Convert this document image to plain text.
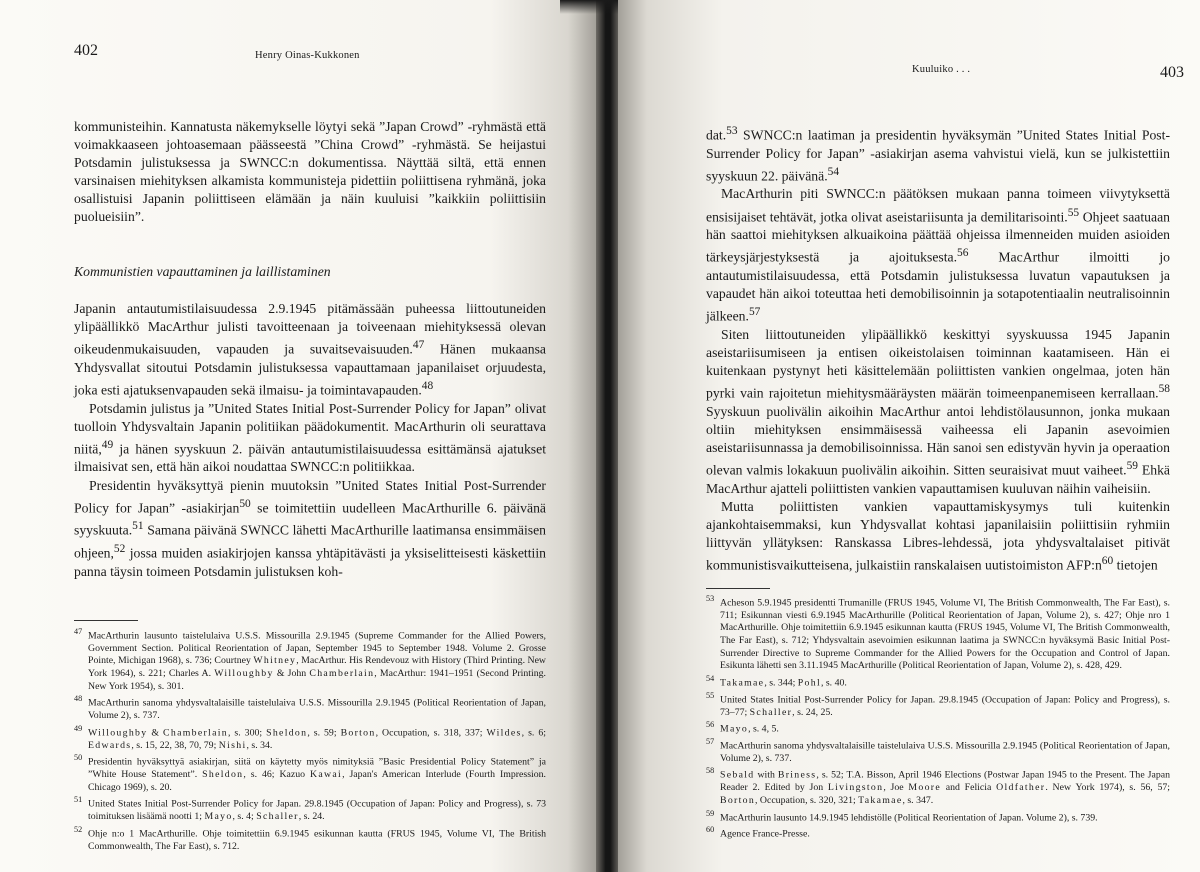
402	Henry Oinas-Kukkonen

kommunisteihin. Kannatusta näkemykselle löytyi sekä ”Japan Crowd” -ryhmästä että voimakkaaseen johtoasemaan päässeestä ”China Crowd” -ryhmästä. Se heijastui Potsdamin julistuksessa ja SWNCC:n dokumentissa. Näyttää siltä, että ennen varsinaisen miehityksen alkamista kommunisteja pidettiin poliittisena ryhmänä, joka osallistuisi Japanin poliittiseen elämään ja näin kuuluisi ”kaikkiin poliittisiin puolueisiin”.

Kommunistien vapauttaminen ja laillistaminen

Japanin antautumistilaisuudessa 2.9.1945 pitämässään puheessa liittoutuneiden ylipäällikkö MacArthur julisti tavoitteenaan ja toiveenaan miehityksessä olevan oikeudenmukaisuuden, vapauden ja suvaitsevaisuuden.$^{47}$ Hänen mukaansa Yhdysvallat sitoutui Potsdamin julistuksessa vapauttamaan japanilaiset orjuudesta, joka esti ajatuksenvapauden sekä ilmaisu- ja toimintavapauden.$^{48}$

Potsdamin julistus ja ”United States Initial Post-Surrender Policy for Japan” olivat tuolloin Yhdysvaltain Japanin politiikan päädokumentit. MacArthurin oli seurattava niitä,$^{49}$ ja hänen syyskuun 2. päivän antautumistilaisuudessa esittämänsä ajatukset ilmaisivat sen, että hän aikoi noudattaa SWNCC:n politiikkaa.

Presidentin hyväksyttyä pienin muutoksin ”United States Initial Post-Surrender Policy for Japan” -asiakirjan$^{50}$ se toimitettiin uudelleen MacArthurille 6. päivänä syyskuuta.$^{51}$ Samana päivänä SWNCC lähetti MacArthurille laatimansa ensimmäisen ohjeen,$^{52}$ jossa muiden asiakirjojen kanssa yhtäpitävästi ja yksiselitteisesti käskettiin panna täysin toimeen Potsdamin julistuksen koh-

$^{47}$ MacArthurin lausunto taistelulaiva U.S.S. Missourilla 2.9.1945 (Supreme Commander for the Allied Powers, Government Section. Political Reorientation of Japan, September 1945 to September 1948. Volume 2. Grosse Pointe, Michigan 1968), s. 736; Courtney Whitney, MacArthur. His Rendevouz with History (Third Printing. New York 1964), s. 221; Charles A. Willoughby & John Chamberlain, MacArthur: 1941–1951 (Second Printing. New York 1954), s. 301.

$^{48}$ MacArthurin sanoma yhdysvaltalaisille taistelulaiva U.S.S. Missourilla 2.9.1945 (Political Reorientation of Japan, Volume 2), s. 737.

$^{49}$ Willoughby & Chamberlain, s. 300; Sheldon, s. 59; Borton, Occupation, s. 318, 337; Wildes, s. 6; Edwards, s. 15, 22, 38, 70, 79; Nishi, s. 34.

$^{50}$ Presidentin hyväksyttyä asiakirjan, siitä on käytetty myös nimityksiä ”Basic Presidential Policy Statement” ja ”White House Statement”. Sheldon, s. 46; Kazuo Kawai, Japan's American Interlude (Fourth Impression. Chicago 1969), s. 20.

$^{51}$ United States Initial Post-Surrender Policy for Japan. 29.8.1945 (Occupation of Japan: Policy and Progress), s. 73 toimituksen lisäämä nootti 1; Mayo, s. 4; Schaller, s. 24.

$^{52}$ Ohje n:o 1 MacArthurille. Ohje toimitettiin 6.9.1945 esikunnan kautta (FRUS 1945, Volume VI, The British Commonwealth, The Far East), s. 712.

Kuuluiko . . .	403

dat.$^{53}$ SWNCC:n laatiman ja presidentin hyväksymän ”United States Initial Post-Surrender Policy for Japan” -asiakirjan asema vahvistui vielä, kun se julkistettiin syyskuun 22. päivänä.$^{54}$

MacArthurin piti SWNCC:n päätöksen mukaan panna toimeen viivytyksettä ensisijaiset tehtävät, jotka olivat aseistariisunta ja demilitarisointi.$^{55}$ Ohjeet saatuaan hän saattoi miehityksen alkuaikoina päättää ohjeissa ilmenneiden muiden asioiden tärkeysjärjestyksestä ja ajoituksesta.$^{56}$ MacArthur ilmoitti jo antautumistilaisuudessa, että Potsdamin julistuksessa luvatun vapautuksen ja vapaudet hän aikoi toteuttaa heti demobilisoinnin ja sotapotentiaalin neutralisoinnin jälkeen.$^{57}$

Siten liittoutuneiden ylipäällikkö keskittyi syyskuussa 1945 Japanin aseistariisumiseen ja entisen oikeistolaisen toiminnan kaatamiseen. Hän ei kuitenkaan pystynyt heti käsittelemään poliittisten vankien ongelmaa, joten hän pyrki vain rajoitetun miehitysmääräysten määrän toimeenpanemiseen kerrallaan.$^{58}$ Syyskuun puolivälin aikoihin MacArthur antoi lehdistölausunnon, jonka mukaan oltiin miehityksen ensimmäisessä vaiheessa eli Japanin asevoimien aseistariisunnassa ja demobilisoinnissa. Hän sanoi sen edistyvän hyvin ja operaation olevan valmis lokakuun puolivälin aikoihin. Sitten seuraisivat muut vaiheet.$^{59}$ Ehkä MacArthur ajatteli poliittisten vankien vapauttamisen kuuluvan näihin vaiheisiin.

Mutta poliittisten vankien vapauttamiskysymys tuli kuitenkin ajankohtaisemmaksi, kun Yhdysvallat kohtasi japanilaisiin poliittisiin ryhmiin liittyvän yllätyksen: Ranskassa Libres-lehdessä, jota yhdysvaltalaiset pitivät kommunistisvaikutteisena, julkaistiin ranskalaisen uutistoimiston $AFP:n^{60}$ tietojen

$^{53}$ Acheson 5.9.1945 presidentti Trumanille (FRUS 1945, Volume VI, The British Commonwealth, The Far East), s. 711; Esikunnan viesti 6.9.1945 MacArthurille (Political Reorientation of Japan, Volume 2), s. 427; Ohje nro 1 MacArthurille. Ohje toimitettiin 6.9.1945 esikunnan kautta (FRUS 1945, Volume VI, The British Commonwealth, The Far East), s. 712; Yhdysvaltain asevoimien esikunnan laatima ja SWNCC:n hyväksymä Basic Initial Post-Surrender Directive to Supreme Commander for the Allied Powers for the Occupation and Control of Japan. Esikunta lähetti sen 3.11.1945 MacArthurille (Political Reorientation of Japan, Volume 2), s. 428, 429.

$^{54}$ Takamae, s. 344; Pohl, s. 40.

$^{55}$ United States Initial Post-Surrender Policy for Japan. 29.8.1945 (Occupation of Japan: Policy and Progress), s. 73–77; Schaller, s. 24, 25.

$^{56}$ Mayo, s. 4, 5.

$^{57}$ MacArthurin sanoma yhdysvaltalaisille taistelulaiva U.S.S. Missourilla 2.9.1945 (Political Reorientation of Japan, Volume 2), s. 737.

$^{58}$ Sebald with Briness, s. 52; T.A. Bisson, April 1946 Elections (Postwar Japan 1945 to the Present. The Japan Reader 2. Edited by Jon Livingston, Joe Moore and Felicia Oldfather. New York 1974), s. 56, 57; Borton, Occupation, s. 320, 321; Takamae, s. 347.

$^{59}$ MacArthurin lausunto 14.9.1945 lehdistölle (Political Reorientation of Japan. Volume 2), s. 739.

$^{60}$ Agence France-Presse.
